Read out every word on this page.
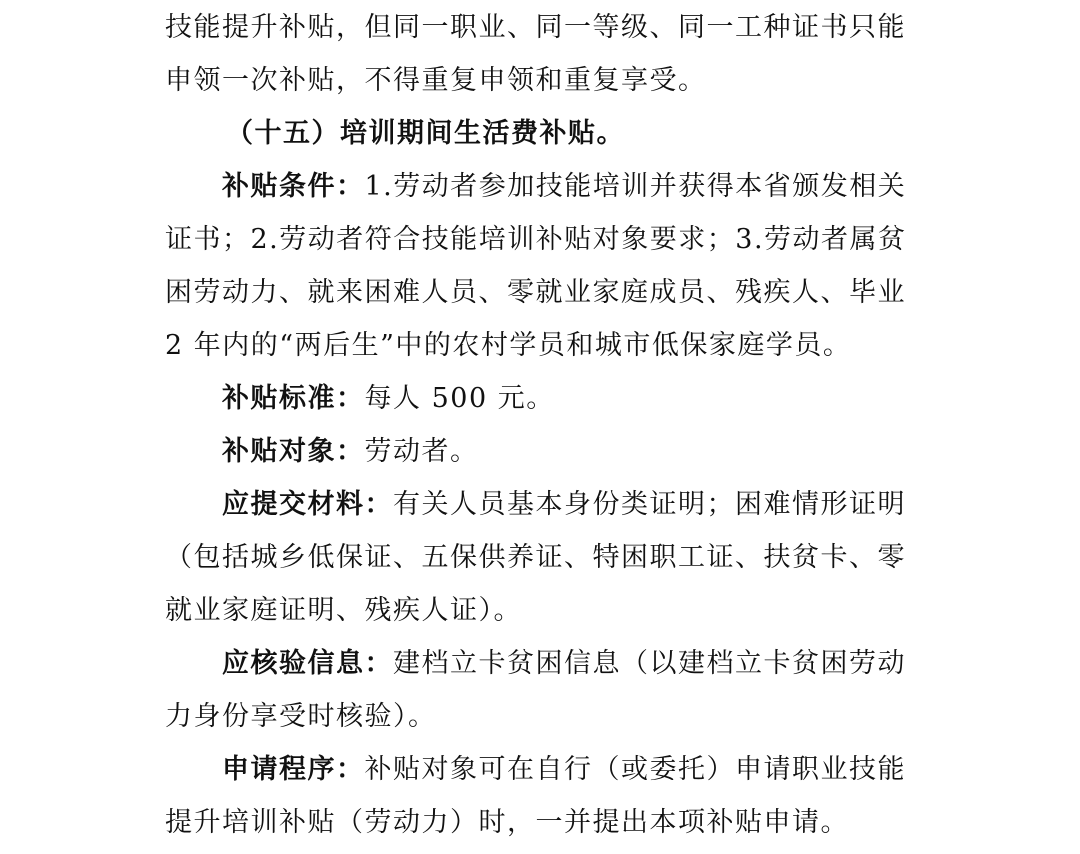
技能提升补贴，但同一职业、同一等级、同一工种证书只能
申领一次补贴，不得重复申领和重复享受。
（十五）培训期间生活费补贴。
补贴条件：1.劳动者参加技能培训并获得本省颁发相关
证书；2.劳动者符合技能培训补贴对象要求；3.劳动者属贫
困劳动力、就来困难人员、零就业家庭成员、残疾人、毕业
2 年内的“两后生”中的农村学员和城市低保家庭学员。
补贴标准：每人 500 元。
补贴对象：劳动者。
应提交材料：有关人员基本身份类证明；困难情形证明
（包括城乡低保证、五保供养证、特困职工证、扶贫卡、零
就业家庭证明、残疾人证）。
应核验信息：建档立卡贫困信息（以建档立卡贫困劳动
力身份享受时核验）。
申请程序：补贴对象可在自行（或委托）申请职业技能
提升培训补贴（劳动力）时，一并提出本项补贴申请。
